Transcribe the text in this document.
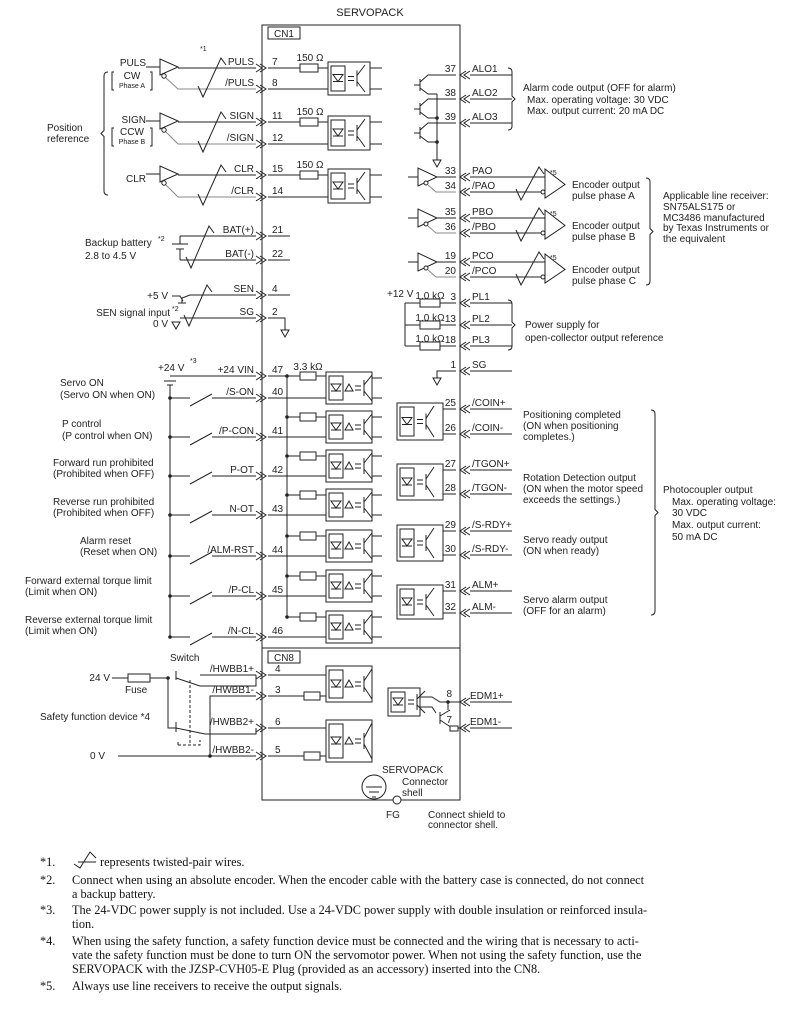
SERVOPACK
CN1
CN8
PULS 7
/PULS 8
SIGN 11
/SIGN 12
CLR 15
/CLR 14
BAT(+) 21
BAT(-) 22
SEN 4
SG 2
+24 VIN 47
/S-ON 40
/P-CON 41
P-OT 42
N-OT 43
/ALM-RST 44
/P-CL 45
/N-CL 46
150 Ω
150 Ω
150 Ω
PULS
CW
Phase A
SIGN
CCW
Phase B
CLR
Position
reference
*1
Backup battery *2
2.8 to 4.5 V
+5 V
SEN signal input *2
0 V
+24 V
*3
3.3 kΩ
Servo ON
(Servo ON when ON)
P control
(P control when ON)
Forward run prohibited
(Prohibited when OFF)
Reverse run prohibited
(Prohibited when OFF)
Alarm reset
(Reset when ON)
Forward external torque limit
(Limit when ON)
Reverse external torque limit
(Limit when ON)
/HWBB1+ 4
/HWBB1- 3
/HWBB2+ 6
/HWBB2- 5
Switch
24 V
Fuse
Safety function device *4
0 V
EDM1+
8
EDM1-
7
SERVOPACK
Connector
shell
FG	Connect shield to
connector shell.
37 ALO1
38 ALO2
39 ALO3
33 PAO
34 /PAO
35 PBO
36 /PBO
19 PCO
20 /PCO
3 PL1
13 PL2
18 PL3
1 SG
25 /COIN+
26 /COIN-
27 /TGON+
28 /TGON-
29 /S-RDY+
30 /S-RDY-
31 ALM+
32 ALM-
Alarm code output (OFF for alarm)
Max. operating voltage: 30 VDC
Max. output current: 20 mA DC
*5
Encoder output
pulse phase A
*5
Encoder output
pulse phase B
*5
Encoder output
pulse phase C
Applicable line receiver:
SN75ALS175 or
MC3486 manufactured
by Texas Instruments or
the equivalent
+12 V 1.0 kΩ
1.0 kΩ
1.0 kΩ
Power supply for
open-collector output reference
Positioning completed
(ON when positioning
completes.)
Rotation Detection output
(ON when the motor speed
exceeds the settings.)
Servo ready output
(ON when ready)
Servo alarm output
(OFF for an alarm)
Photocoupler output
Max. operating voltage:
30 VDC
Max. output current:
50 mA DC
*1.	represents twisted-pair wires.
*2. Connect when using an absolute encoder. When the encoder cable with the battery case is connected, do not connect
a backup battery.
*3. The 24-VDC power supply is not included. Use a 24-VDC power supply with double insulation or reinforced insula-
tion.
*4. When using the safety function, a safety function device must be connected and the wiring that is necessary to acti-
vate the safety function must be done to turn ON the servomotor power. When not using the safety function, use the
SERVOPACK with the JZSP-CVH05-E Plug (provided as an accessory) inserted into the CN8.
*5. Always use line receivers to receive the output signals.
